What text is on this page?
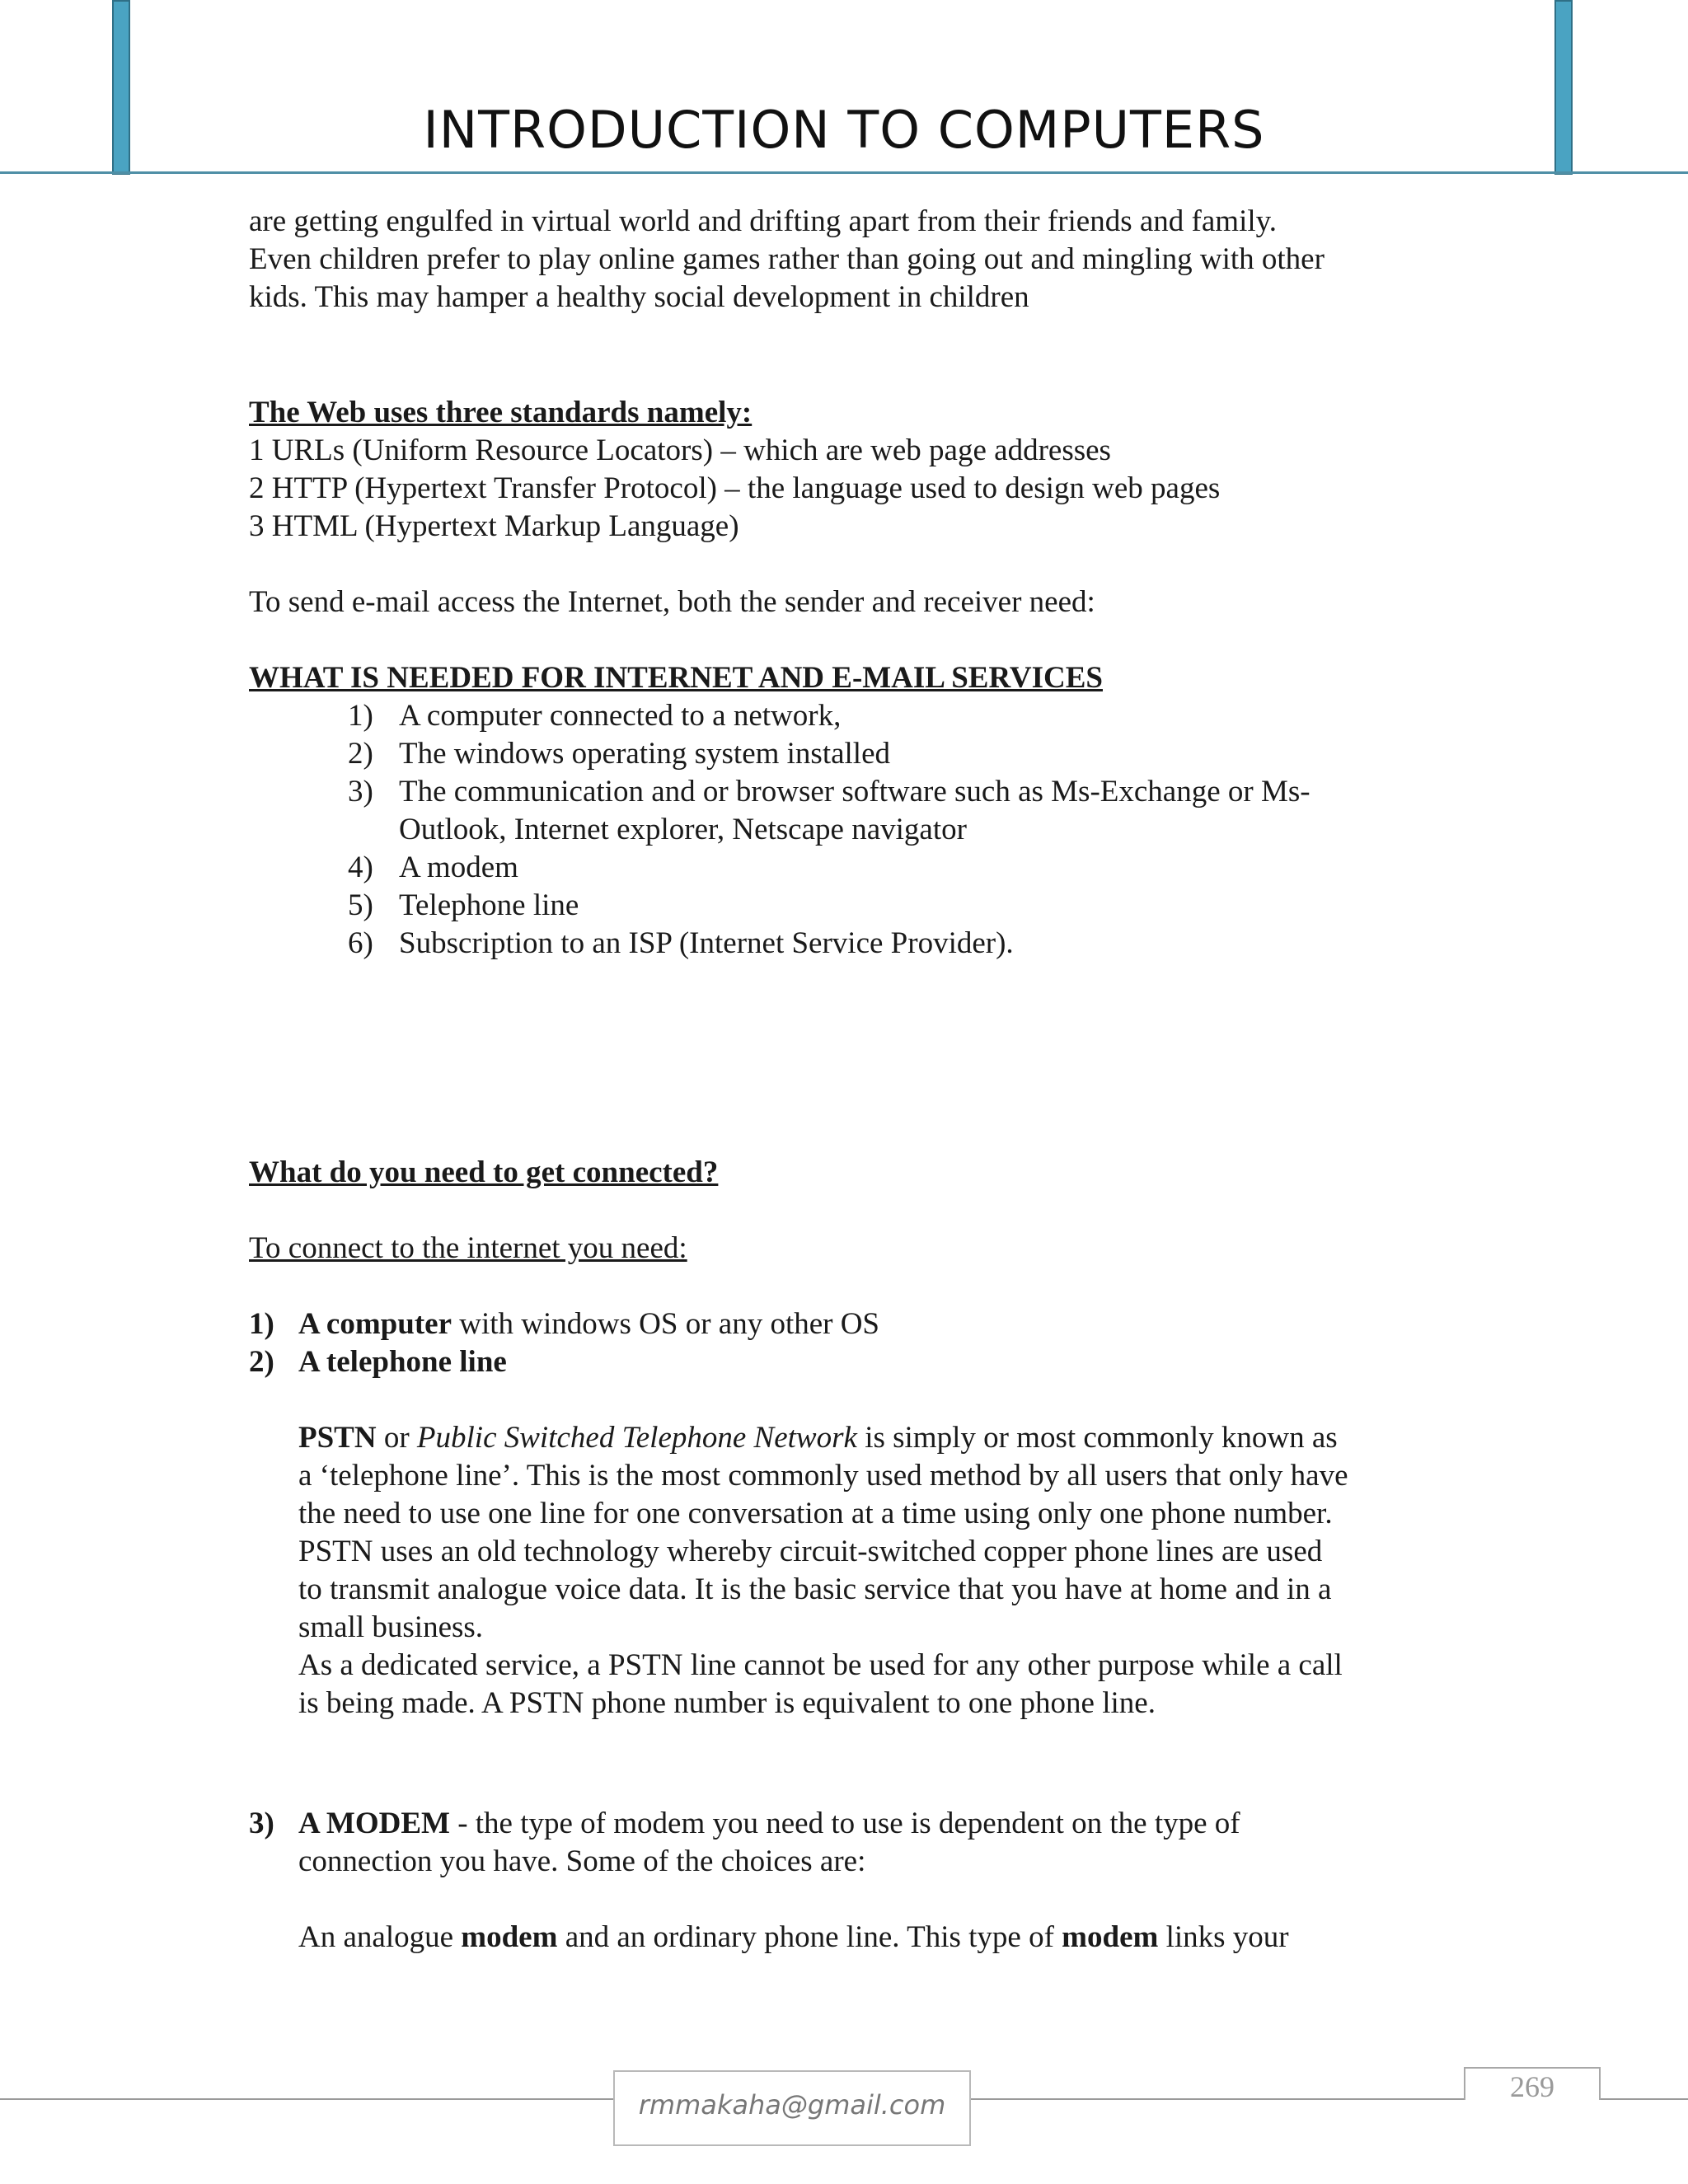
INTRODUCTION TO COMPUTERS
are getting engulfed in virtual world and drifting apart from their friends and family.
Even children prefer to play online games rather than going out and mingling with other
kids. This may hamper a healthy social development in children
The Web uses three standards namely:
1 URLs (Uniform Resource Locators) – which are web page addresses
2 HTTP (Hypertext Transfer Protocol) – the language used to design web pages
3 HTML (Hypertext Markup Language)
To send e-mail access the Internet, both the sender and receiver need:
WHAT IS NEEDED FOR INTERNET AND E-MAIL SERVICES
1) A computer connected to a network,
2) The windows operating system installed
3) The communication and or browser software such as Ms-Exchange or Ms-
Outlook, Internet explorer, Netscape navigator
4) A modem
5) Telephone line
6) Subscription to an ISP (Internet Service Provider).
What do you need to get connected?
To connect to the internet you need:
1) A computer with windows OS or any other OS
2) A telephone line
PSTN or Public Switched Telephone Network is simply or most commonly known as
a ‘telephone line’. This is the most commonly used method by all users that only have
the need to use one line for one conversation at a time using only one phone number.
PSTN uses an old technology whereby circuit-switched copper phone lines are used
to transmit analogue voice data. It is the basic service that you have at home and in a
small business.
As a dedicated service, a PSTN line cannot be used for any other purpose while a call
is being made. A PSTN phone number is equivalent to one phone line.
3) A MODEM - the type of modem you need to use is dependent on the type of
connection you have. Some of the choices are:
An analogue modem and an ordinary phone line. This type of modem links your
rmmakaha@gmail.com
269
